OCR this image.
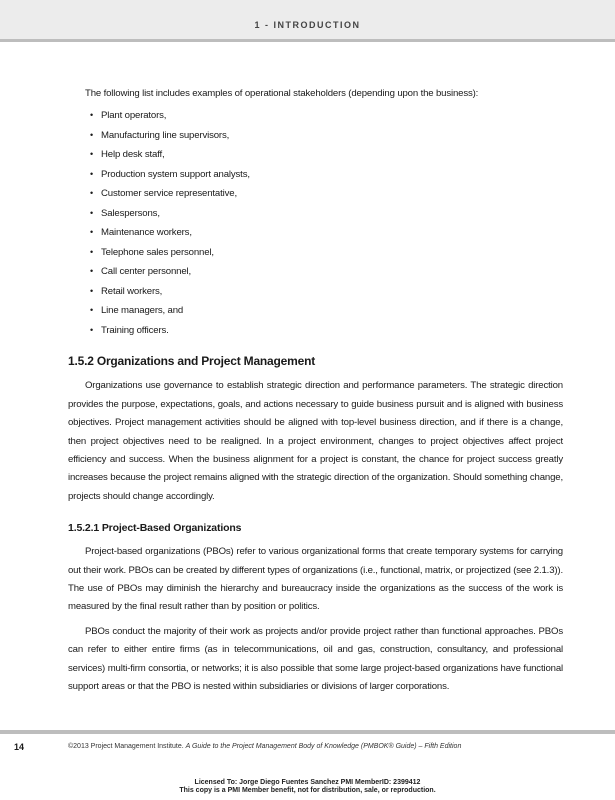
1 - INTRODUCTION

The following list includes examples of operational stakeholders (depending upon the business):

• Plant operators,
• Manufacturing line supervisors,
• Help desk staff,
• Production system support analysts,
• Customer service representative,
• Salespersons,
• Maintenance workers,
• Telephone sales personnel,
• Call center personnel,
• Retail workers,
• Line managers, and
• Training officers.
1.5.2 Organizations and Project Management

Organizations use governance to establish strategic direction and performance parameters. The strategic direction provides the purpose, expectations, goals, and actions necessary to guide business pursuit and is aligned with business objectives. Project management activities should be aligned with top-level business direction, and if there is a change, then project objectives need to be realigned. In a project environment, changes to project objectives affect project efficiency and success. When the business alignment for a project is constant, the chance for project success greatly increases because the project remains aligned with the strategic direction of the organization. Should something change, projects should change accordingly.

1.5.2.1 Project-Based Organizations

Project-based organizations (PBOs) refer to various organizational forms that create temporary systems for carrying out their work. PBOs can be created by different types of organizations (i.e., functional, matrix, or projectized (see 2.1.3)). The use of PBOs may diminish the hierarchy and bureaucracy inside the organizations as the success of the work is measured by the final result rather than by position or politics.

PBOs conduct the majority of their work as projects and/or provide project rather than functional approaches. PBOs can refer to either entire firms (as in telecommunications, oil and gas, construction, consultancy, and professional services) multi-firm consortia, or networks; it is also possible that some large project-based organizations have functional support areas or that the PBO is nested within subsidiaries or divisions of larger corporations.

14	©2013 Project Management Institute. A Guide to the Project Management Body of Knowledge (PMBOK® Guide) – Fifth Edition
Licensed To: Jorge Diego Fuentes Sanchez PMI MemberID: 2399412
This copy is a PMI Member benefit, not for distribution, sale, or reproduction.
